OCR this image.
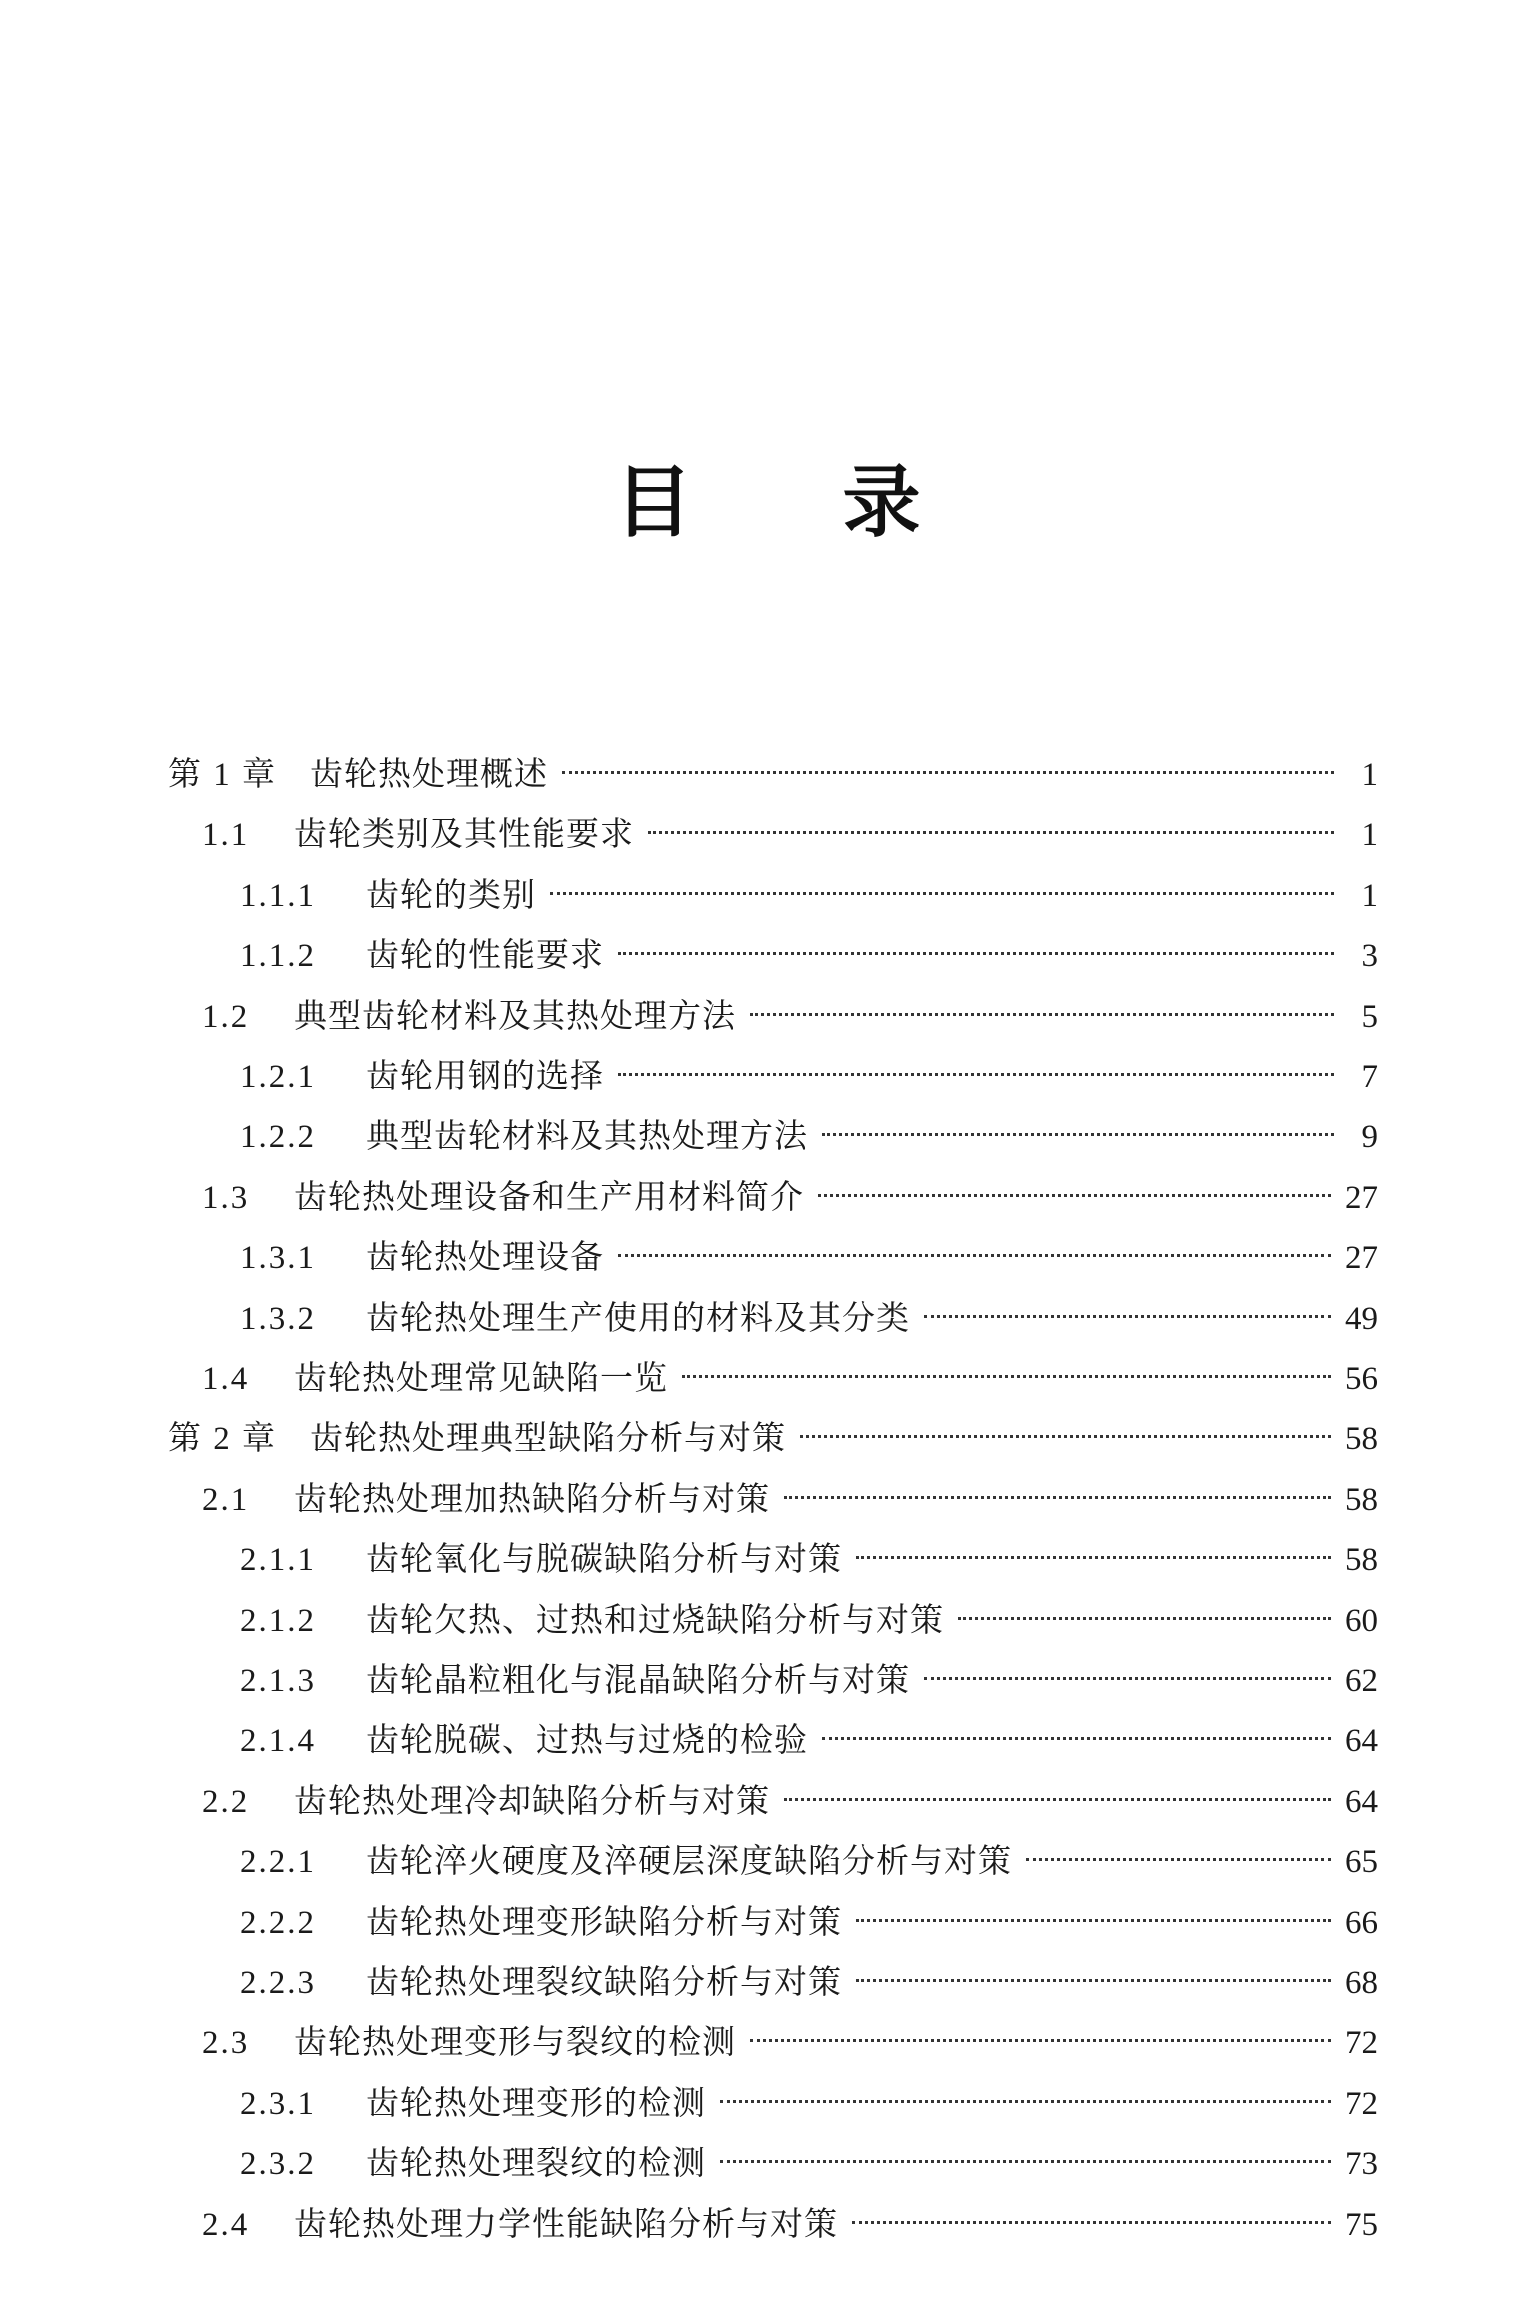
目 录
第 1 章	齿轮热处理概述	1
1.1	齿轮类别及其性能要求	1
1.1.1	齿轮的类别	1
1.1.2	齿轮的性能要求	3
1.2	典型齿轮材料及其热处理方法	5
1.2.1	齿轮用钢的选择	7
1.2.2	典型齿轮材料及其热处理方法	9
1.3	齿轮热处理设备和生产用材料简介	27
1.3.1	齿轮热处理设备	27
1.3.2	齿轮热处理生产使用的材料及其分类	49
1.4	齿轮热处理常见缺陷一览	56
第 2 章	齿轮热处理典型缺陷分析与对策	58
2.1	齿轮热处理加热缺陷分析与对策	58
2.1.1	齿轮氧化与脱碳缺陷分析与对策	58
2.1.2	齿轮欠热、过热和过烧缺陷分析与对策	60
2.1.3	齿轮晶粒粗化与混晶缺陷分析与对策	62
2.1.4	齿轮脱碳、过热与过烧的检验	64
2.2	齿轮热处理冷却缺陷分析与对策	64
2.2.1	齿轮淬火硬度及淬硬层深度缺陷分析与对策	65
2.2.2	齿轮热处理变形缺陷分析与对策	66
2.2.3	齿轮热处理裂纹缺陷分析与对策	68
2.3	齿轮热处理变形与裂纹的检测	72
2.3.1	齿轮热处理变形的检测	72
2.3.2	齿轮热处理裂纹的检测	73
2.4	齿轮热处理力学性能缺陷分析与对策	75
